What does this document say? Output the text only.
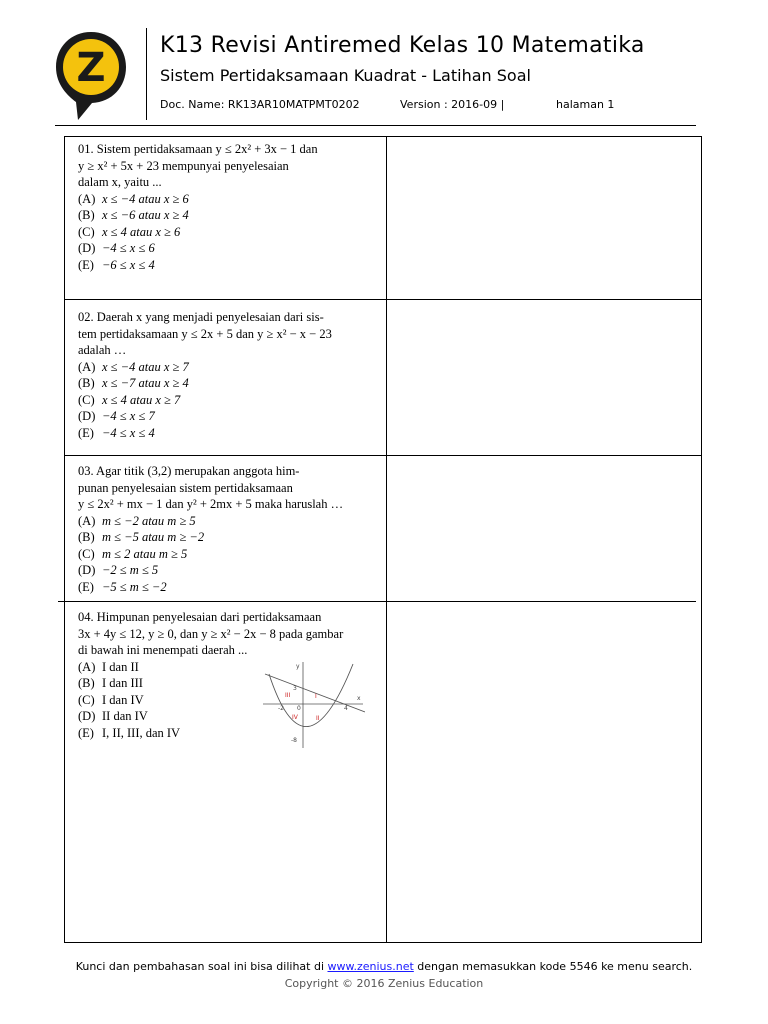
Z K13 Revisi Antiremed Kelas 10 Matematika
Sistem Pertidaksamaan Kuadrat - Latihan Soal
Doc. Name: RK13AR10MATPMT0202	Version : 2016-09 |	halaman 1
01. Sistem pertidaksamaan y ≤ 2x² + 3x − 1 dan
y ≥ x² + 5x + 23 mempunyai penyelesaian
dalam x, yaitu ...
(A) x ≤ −4 atau x ≥ 6
(B) x ≤ −6 atau x ≥ 4
(C) x ≤ 4 atau x ≥ 6
(D) −4 ≤ x ≤ 6
(E) −6 ≤ x ≤ 4
02. Daerah x yang menjadi penyelesaian dari sis-
tem pertidaksamaan y ≤ 2x + 5 dan y ≥ x² − x − 23
adalah …
(A) x ≤ −4 atau x ≥ 7
(B) x ≤ −7 atau x ≥ 4
(C) x ≤ 4 atau x ≥ 7
(D) −4 ≤ x ≤ 7
(E) −4 ≤ x ≤ 4
03. Agar titik (3,2) merupakan anggota him-
punan penyelesaian sistem pertidaksamaan
y ≤ 2x² + mx − 1 dan y² + 2mx + 5 maka haruslah …
(A) m ≤ −2 atau m ≥ 5
(B) m ≤ −5 atau m ≥ −2
(C) m ≤ 2 atau m ≥ 5
(D) −2 ≤ m ≤ 5
(E) −5 ≤ m ≤ −2
04. Himpunan penyelesaian dari pertidaksamaan
3x + 4y ≤ 12, y ≥ 0, dan y ≥ x² − 2x − 8 pada gambar
di bawah ini menempati daerah ...
(A) I dan II
(B) I dan III
(C) I dan IV
(D) II dan IV
(E) I, II, III, dan IV
y
x
3
0
-2	4
-8
I
II
III
IV
Kunci dan pembahasan soal ini bisa dilihat di www.zenius.net dengan memasukkan kode 5546 ke menu search.
Copyright © 2016 Zenius Education
